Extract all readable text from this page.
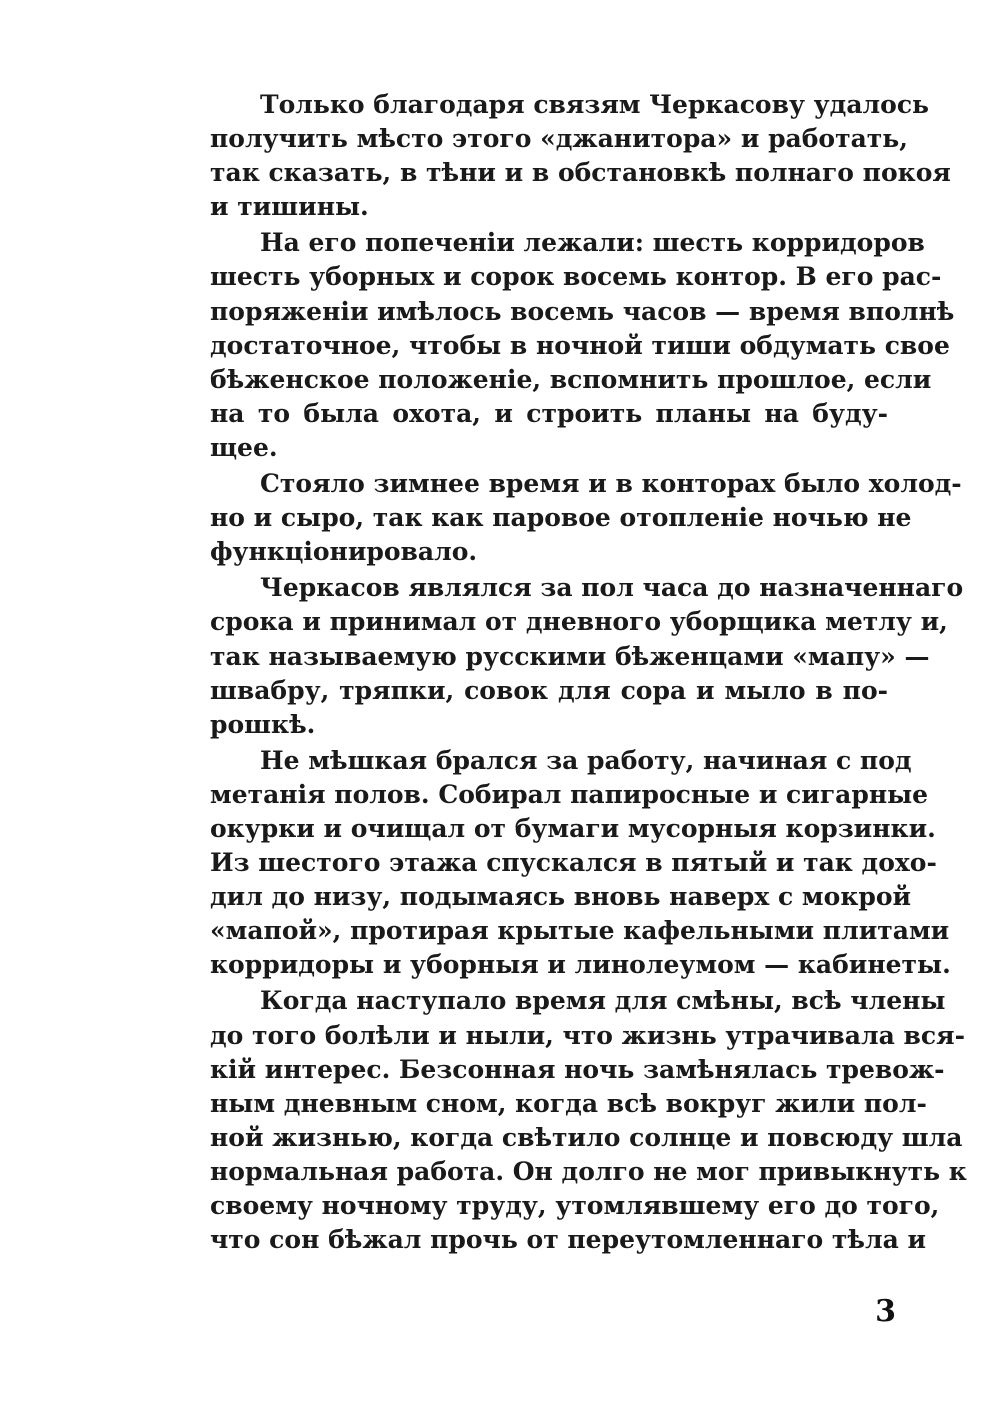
Только благодаря связям Черкасову удалось
получить мѣсто этого «джанитора» и работать,
так сказать, в тѣни и в обстановкѣ полнаго покоя
и тишины.
На его попеченіи лежали: шесть корридоров
шесть уборных и сорок восемь контор. В его рас-
поряженіи имѣлось восемь часов — время вполнѣ
достаточное, чтобы в ночной тиши обдумать свое
бѣженское положеніе, вспомнить прошлое, если
на то была охота, и строить планы на буду-
щее.
Стояло зимнее время и в конторах было холод-
но и сыро, так как паровое отопленіе ночью не
функціонировало.
Черкасов являлся за пол часа до назначеннаго
срока и принимал от дневного уборщика метлу и,
так называемую русскими бѣженцами «мапу» —
швабру, тряпки, совок для сора и мыло в по-
рошкѣ.
Не мѣшкая брался за работу, начиная с под
метанія полов. Собирал папиросные и сигарные
окурки и очищал от бумаги мусорныя корзинки.
Из шестого этажа спускался в пятый и так дохо-
дил до низу, подымаясь вновь наверх с мокрой
«мапой», протирая крытые кафельными плитами
корридоры и уборныя и линолеумом — кабинеты.
Когда наступало время для смѣны, всѣ члены
до того болѣли и ныли, что жизнь утрачивала вся-
кій интерес. Безсонная ночь замѣнялась тревож-
ным дневным сном, когда всѣ вокруг жили пол-
ной жизнью, когда свѣтило солнце и повсюду шла
нормальная работа. Он долго не мог привыкнуть к
своему ночному труду, утомлявшему его до того,
что сон бѣжал прочь от переутомленнаго тѣла и
3
